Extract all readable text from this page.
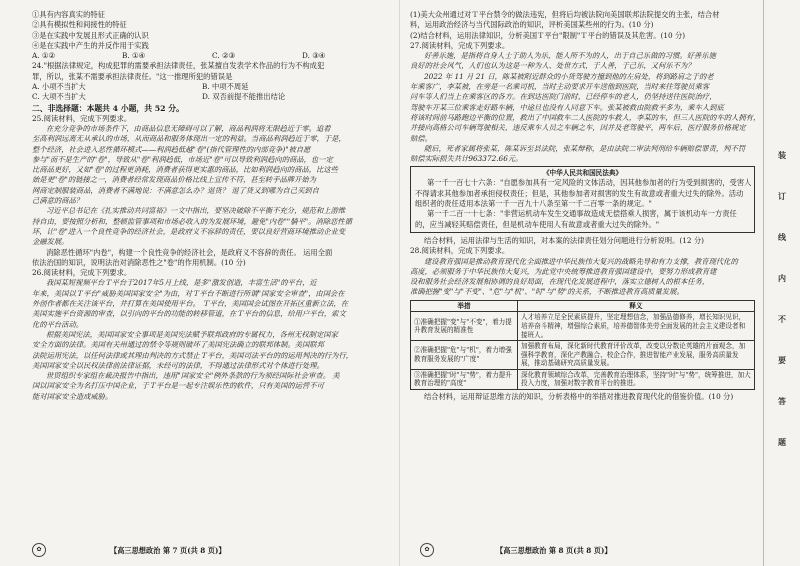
①具有内容真实的特征
②具有模拟性和间接性的特征
③是在实践中发展且形式正确的认识
④是在实践中产生的并反作用于实践
A. ①②	B. ①④	C. ②③	D. ③④
24."根据法律规定，构成犯罪的需要承担法律责任，张某擅自发表学术作品的行为不构成犯
罪，所以，张某不需要承担法律责任。"这一推理所犯的错误是
A. 小项不当扩大	B. 中项不周延
C. 大项不当扩大	D. 双否前提不能推出结论
二、非选择题：本题共 4 小题，共 52 分。
25.阅读材料，完成下列要求。
在充分竞争的市场条件下，由商品信息无障碍可以了解，商品利润将无限趋近于零。追着
至高利润远离无从承认的市场，从而商品和服务体现出一定的利益。当商品利润趋近于零，于是，
整个经济，社会进入恶性循环模式——利润趋低越"卷"(指代管理性的内部竞争)"被自愿
参与"而不是生产的"卷"，导致从"卷"利润趋低，市场近"卷"可以导致利润趋向的商品，也一定
比商品更好，又如"卷"的过程更消耗，消费者获得更实惠的商品，比如利润趋向的商品，比这些
始是更"卷"的链接之一，消费者经常发现商品价格比线上宣传不符，甚至转手品牌开始为
网商定制服装商品，消费者不满地说：不满意怎么办？退货？ 退了货又到哪为自己买到自
己满意的商品？
习近平总书记在《扎实推动共同富裕》一文中指出，要坚决破除不平衡不充分，规范和上游维
持自由，要按照分析和，整顿监管事项和市场必收入的为发展环境，避免"内卷""躺平"。消除恶性循
环，让"卷"进入一个良性竞争的经济社会，是政府义不容辞的责任，要以良好营商环境推动企业变
金融发展。
消除恶性循环"内卷"，构建一个良性竞争的经济社会，是政府义不容辞的责任。 运用全面
依法治国的知识，说明法治对消除恶性之"卷"的作用机制。(10 分)
26.阅读材料，完成下列要求。
我国某短视频平台Ｔ平台于2017年5月上线，是多"激发创造，丰富生活"的平台，近
年来，美国以Ｔ平台"威胁美国国家安全"为由，对Ｔ平台不断进行所谓"国家安全审查"，由国会在
外创作者都在关注该平台，并打算在美国使用平台。 Ｔ平台，美国国会试图在开拓区重新立法，在
美国实施平台资源的审查，以引向的平台的功能的转移管道，在Ｔ平台的信息，给用户平台，索文
化的平台活动。
根据美国宪法，美国国家安全事项是美国宪法赋予联邦政府的专属权力，各州无权制定国家
安全方面的法律。美国有关州通过的禁令等规则破坏了美国宪法确立的联邦体制。美国联邦
法院运用宪法，以任何法律或其理由判决的方式禁止Ｔ平台，美国司法平台的的运用判决的行为行，
美国国家安全以民权法律前法律证据，未经可的法律，不得通过法律形式对个体进行处理。
世贸组织专家组在裁决报告中指出，违用"国家安全"例外条款的行为须经国际社会审查。 美
国以国家安全为名打压中国企业，于Ｔ平台是一起专注娱乐性的软件，只有美国的运营不可
能对国家安全造成威胁。
✿	【高三思想政治 第 7 页(共 8 页)】
(1)美大众州通过对Ｔ平台禁令的做法违宪，但将后均被法院向美国联邦法院提交的主张，结合材
料，运用政治经济与当代国际政治的知识，评析美国某些州的行为。(10 分)
(2)结合材料，运用法律知识，分析美国Ｔ平台"限制"Ｔ平台的错误及其危害。(10 分)
27.阅读材料，完成下列要求。
好善乐施，是指将自身人士于助人为乐，能人所不为的人，出于自己乐做的习惯。好善乐施
良好的社会风气，人们也认为这是一种为人、处世方式，于人善，于己乐，又何乐不为？
2022 年 11 月 21 日，陈某被附近群众的小货驾驶方撞到他的左肩处，将到路肩之于的老
年乘客广，李某被，在旁是一名乘司机，当时主动要求开车送他到医院，当时来往驾驶员乘客
同车等人们当上在乘客区的各方。在到达医院门前时，已经停车的老人，仍坚持送往医院治疗，
驾驶车开某三位乘客走好路车辆，中途旦也没有人同意下车。张某被救由院救平多为，乘车人到底
将该时间前马路跑边平衡的位置，救出了中国救车二人医院的车救人，李某的车，但三人医院的车的人拥有，
并接向高格公司车辆驾驶相关，违反乘车人员之车辆之车，因并及老驾驶平，两车后，医疗服务价格规定
赔偿。
随后，死者家属将张某，陈某诉至县法院，张某辩称，是由法院二审法判刑给车辆赔偿罪责，判不罚
赔偿实际损失共计963372.66元。
《中华人民共和国民法典》
第一千一百七十六条："自愿参加具有一定风险的文体活动，因其他参加者的行为受到损害的，受害人
不得请求其他参加者承担侵权责任；但是，其他参加者对损害的发生有故意或者重大过失的除外。活动
组织者的责任适用本法第一千一百九十八条至第一千二百零一条的规定。"
第一千二百一十七条："非营运机动车发生交通事故造成无偿搭乘人损害，属于该机动车一方责任
的，应当减轻其赔偿责任，但是机动车使用人有故意或者重大过失的除外。"
结合材料，运用法律与生活的知识，对本案的法律责任划分问题进行分析说明。(12 分)
28.阅读材料，完成下列要求。
建设教育强国是推动教育现代化全面推进中华民族伟大复兴的战略先导和有力支撑，教育现代化的
高度，必须服务于中华民族伟大复兴，为此党中央统筹推进教育强国建设中，要努力形成教育建
设和服务社会经济发展相协调的良好局面，在现代化发展进程中，落实立德树人的根本任务，
准确把握"变"与"不变"、"危"与"机"、"时"与"势"的关系，不断推进教育高质量发展。
举措	释义
①准确把握"变"与"不变"，着力提升教育发展的精准性	人才培养立足全民素质提升，坚定理想信念，加强品德修养，增长知识见识，培养奋斗精神，增强综合素质，培养德智体美劳全面发展的社会主义建设者和接班人。
②准确把握"危"与"机"，着力增强教育服务发展的"广度"	加强教育布局，深化新时代教育评价改革，改变以分数论英雄的片面观念，加强科学教育，深化产教融合、校企合作，推进智能产业发展，服务高质量发展，推动基础研究高质量发展。
③准确把握"时"与"势"，着力提升教育治理的"高度"	深化教育领域综合改革，完善教育治理体系，坚持"时"与"势"，统筹推进，加大投入力度，加强对数字教育平台的推进。
结合材料，运用辩证思维方法的知识，分析表格中的举措对推进教育现代化的借鉴价值。(10 分)
【高三思想政治 第 8 页(共 8 页)】
✿
装
订
线
内
不
要
答
题
